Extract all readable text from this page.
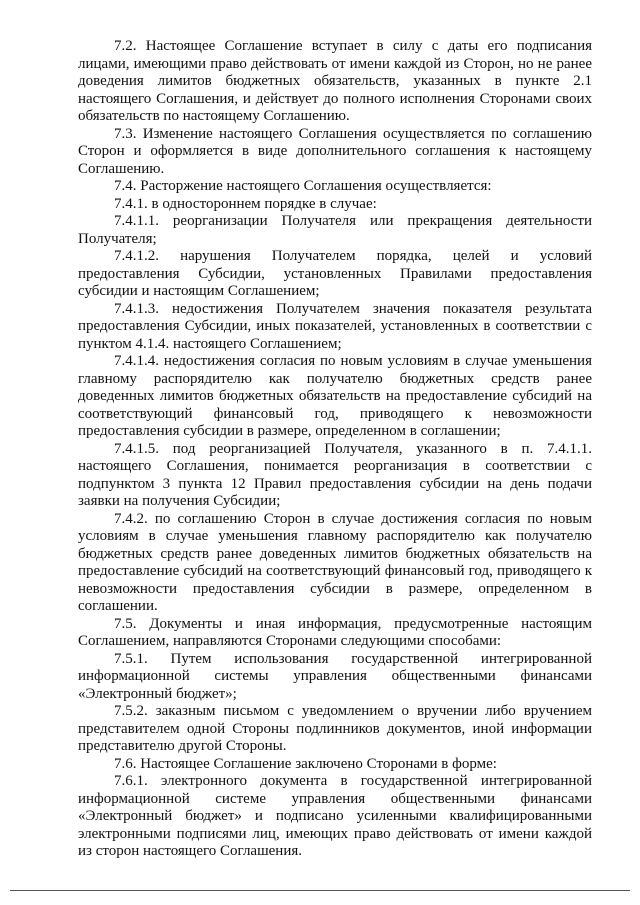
7.2. Настоящее Соглашение вступает в силу с даты его подписания лицами, имеющими право действовать от имени каждой из Сторон, но не ранее доведения лимитов бюджетных обязательств, указанных в пункте 2.1 настоящего Соглашения, и действует до полного исполнения Сторонами своих обязательств по настоящему Соглашению.

7.3. Изменение настоящего Соглашения осуществляется по соглашению Сторон и оформляется в виде дополнительного соглашения к настоящему Соглашению.

7.4. Расторжение настоящего Соглашения осуществляется:

7.4.1. в одностороннем порядке в случае:

7.4.1.1. реорганизации Получателя или прекращения деятельности Получателя;

7.4.1.2. нарушения Получателем порядка, целей и условий предоставления Субсидии, установленных Правилами предоставления субсидии и настоящим Соглашением;

7.4.1.3. недостижения Получателем значения показателя результата предоставления Субсидии, иных показателей, установленных в соответствии с пунктом 4.1.4. настоящего Соглашением;

7.4.1.4. недостижения согласия по новым условиям в случае уменьшения главному распорядителю как получателю бюджетных средств ранее доведенных лимитов бюджетных обязательств на предоставление субсидий на соответствующий финансовый год, приводящего к невозможности предоставления субсидии в размере, определенном в соглашении;

7.4.1.5. под реорганизацией Получателя, указанного в п. 7.4.1.1. настоящего Соглашения, понимается реорганизация в соответствии с подпунктом 3 пункта 12 Правил предоставления субсидии на день подачи заявки на получения Субсидии;

7.4.2. по соглашению Сторон в случае достижения согласия по новым условиям в случае уменьшения главному распорядителю как получателю бюджетных средств ранее доведенных лимитов бюджетных обязательств на предоставление субсидий на соответствующий финансовый год, приводящего к невозможности предоставления субсидии в размере, определенном в соглашении.

7.5. Документы и иная информация, предусмотренные настоящим Соглашением, направляются Сторонами следующими способами:

7.5.1. Путем использования государственной интегрированной информационной системы управления общественными финансами «Электронный бюджет»;

7.5.2. заказным письмом с уведомлением о вручении либо вручением представителем одной Стороны подлинников документов, иной информации представителю другой Стороны.

7.6. Настоящее Соглашение заключено Сторонами в форме:

7.6.1. электронного документа в государственной интегрированной информационной системе управления общественными финансами «Электронный бюджет» и подписано усиленными квалифицированными электронными подписями лиц, имеющих право действовать от имени каждой из сторон настоящего Соглашения.
